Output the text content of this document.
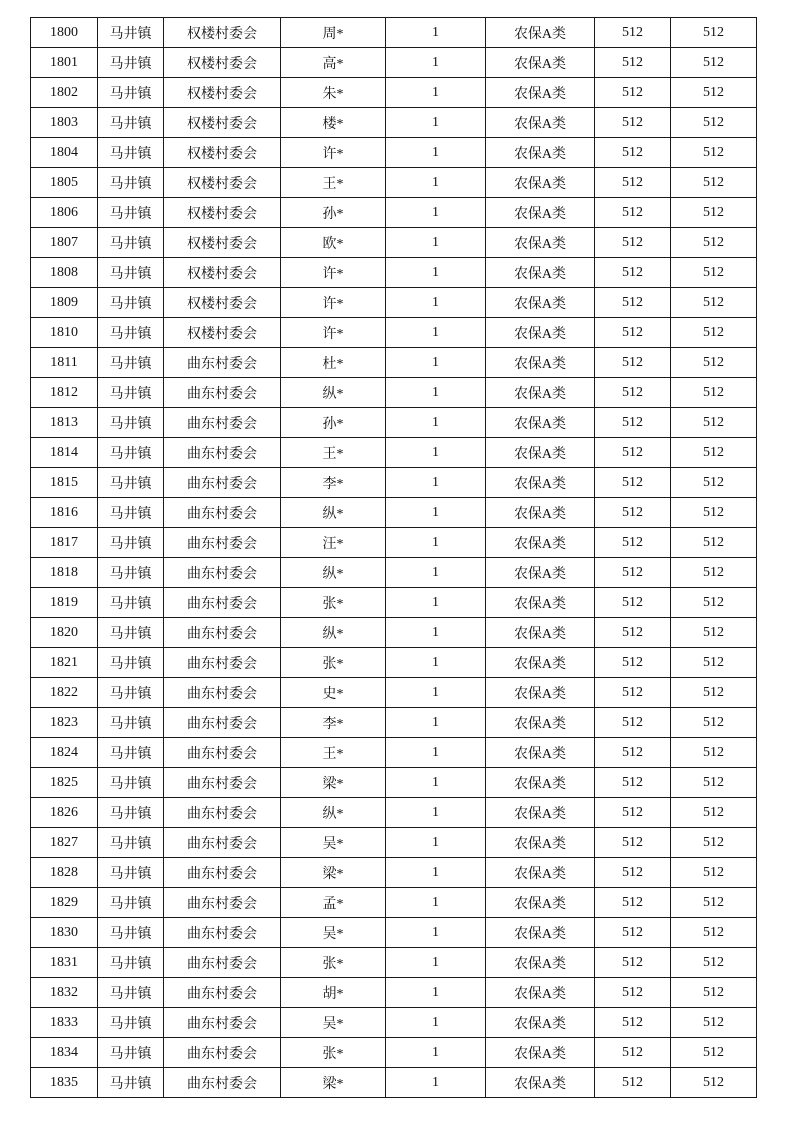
1800	马井镇	权楼村委会	周*	1	农保A类	512	512
1801	马井镇	权楼村委会	高*	1	农保A类	512	512
1802	马井镇	权楼村委会	朱*	1	农保A类	512	512
1803	马井镇	权楼村委会	楼*	1	农保A类	512	512
1804	马井镇	权楼村委会	许*	1	农保A类	512	512
1805	马井镇	权楼村委会	王*	1	农保A类	512	512
1806	马井镇	权楼村委会	孙*	1	农保A类	512	512
1807	马井镇	权楼村委会	欧*	1	农保A类	512	512
1808	马井镇	权楼村委会	许*	1	农保A类	512	512
1809	马井镇	权楼村委会	许*	1	农保A类	512	512
1810	马井镇	权楼村委会	许*	1	农保A类	512	512
1811	马井镇	曲东村委会	杜*	1	农保A类	512	512
1812	马井镇	曲东村委会	纵*	1	农保A类	512	512
1813	马井镇	曲东村委会	孙*	1	农保A类	512	512
1814	马井镇	曲东村委会	王*	1	农保A类	512	512
1815	马井镇	曲东村委会	李*	1	农保A类	512	512
1816	马井镇	曲东村委会	纵*	1	农保A类	512	512
1817	马井镇	曲东村委会	汪*	1	农保A类	512	512
1818	马井镇	曲东村委会	纵*	1	农保A类	512	512
1819	马井镇	曲东村委会	张*	1	农保A类	512	512
1820	马井镇	曲东村委会	纵*	1	农保A类	512	512
1821	马井镇	曲东村委会	张*	1	农保A类	512	512
1822	马井镇	曲东村委会	史*	1	农保A类	512	512
1823	马井镇	曲东村委会	李*	1	农保A类	512	512
1824	马井镇	曲东村委会	王*	1	农保A类	512	512
1825	马井镇	曲东村委会	梁*	1	农保A类	512	512
1826	马井镇	曲东村委会	纵*	1	农保A类	512	512
1827	马井镇	曲东村委会	吴*	1	农保A类	512	512
1828	马井镇	曲东村委会	梁*	1	农保A类	512	512
1829	马井镇	曲东村委会	孟*	1	农保A类	512	512
1830	马井镇	曲东村委会	吴*	1	农保A类	512	512
1831	马井镇	曲东村委会	张*	1	农保A类	512	512
1832	马井镇	曲东村委会	胡*	1	农保A类	512	512
1833	马井镇	曲东村委会	吴*	1	农保A类	512	512
1834	马井镇	曲东村委会	张*	1	农保A类	512	512
1835	马井镇	曲东村委会	梁*	1	农保A类	512	512
